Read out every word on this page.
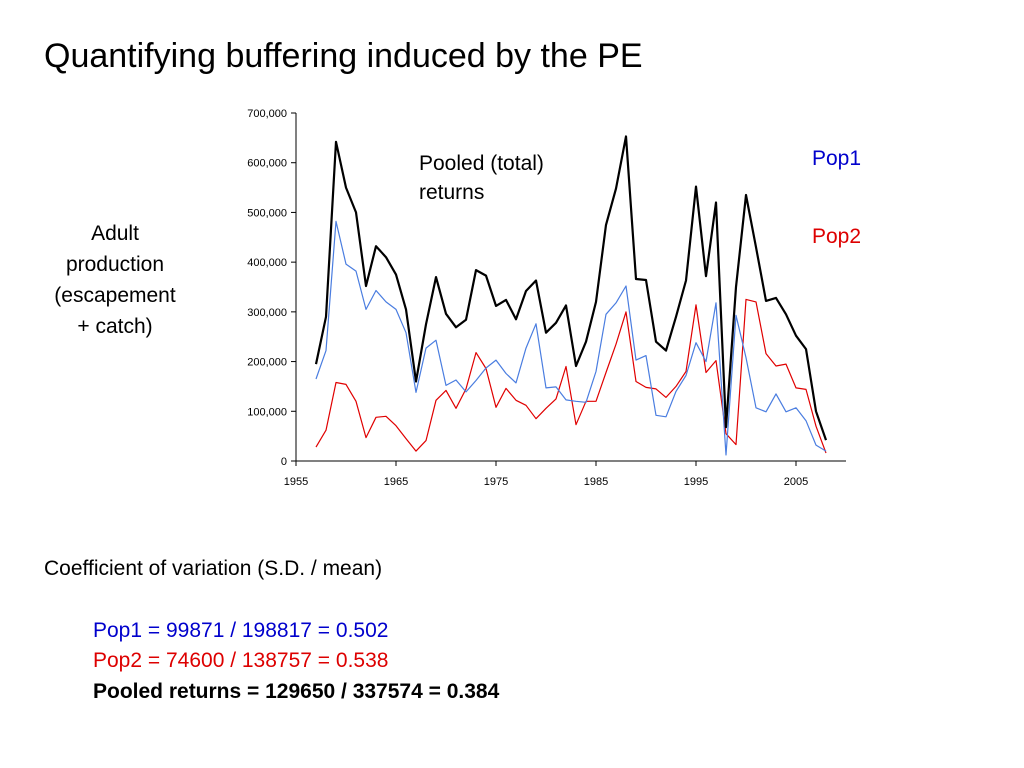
Quantifying buffering induced by the PE
Adult
production
(escapement
+ catch)
0
100,000
200,000
300,000
400,000
500,000
600,000
700,000
1955	1965	1975	1985	1995	2005
Pooled (total) returns
Pop1
Pop2
Coefficient of variation (S.D. / mean)
Pop1 = 99871 / 198817 = 0.502
Pop2 = 74600 / 138757 = 0.538
Pooled returns = 129650 / 337574 = 0.384
